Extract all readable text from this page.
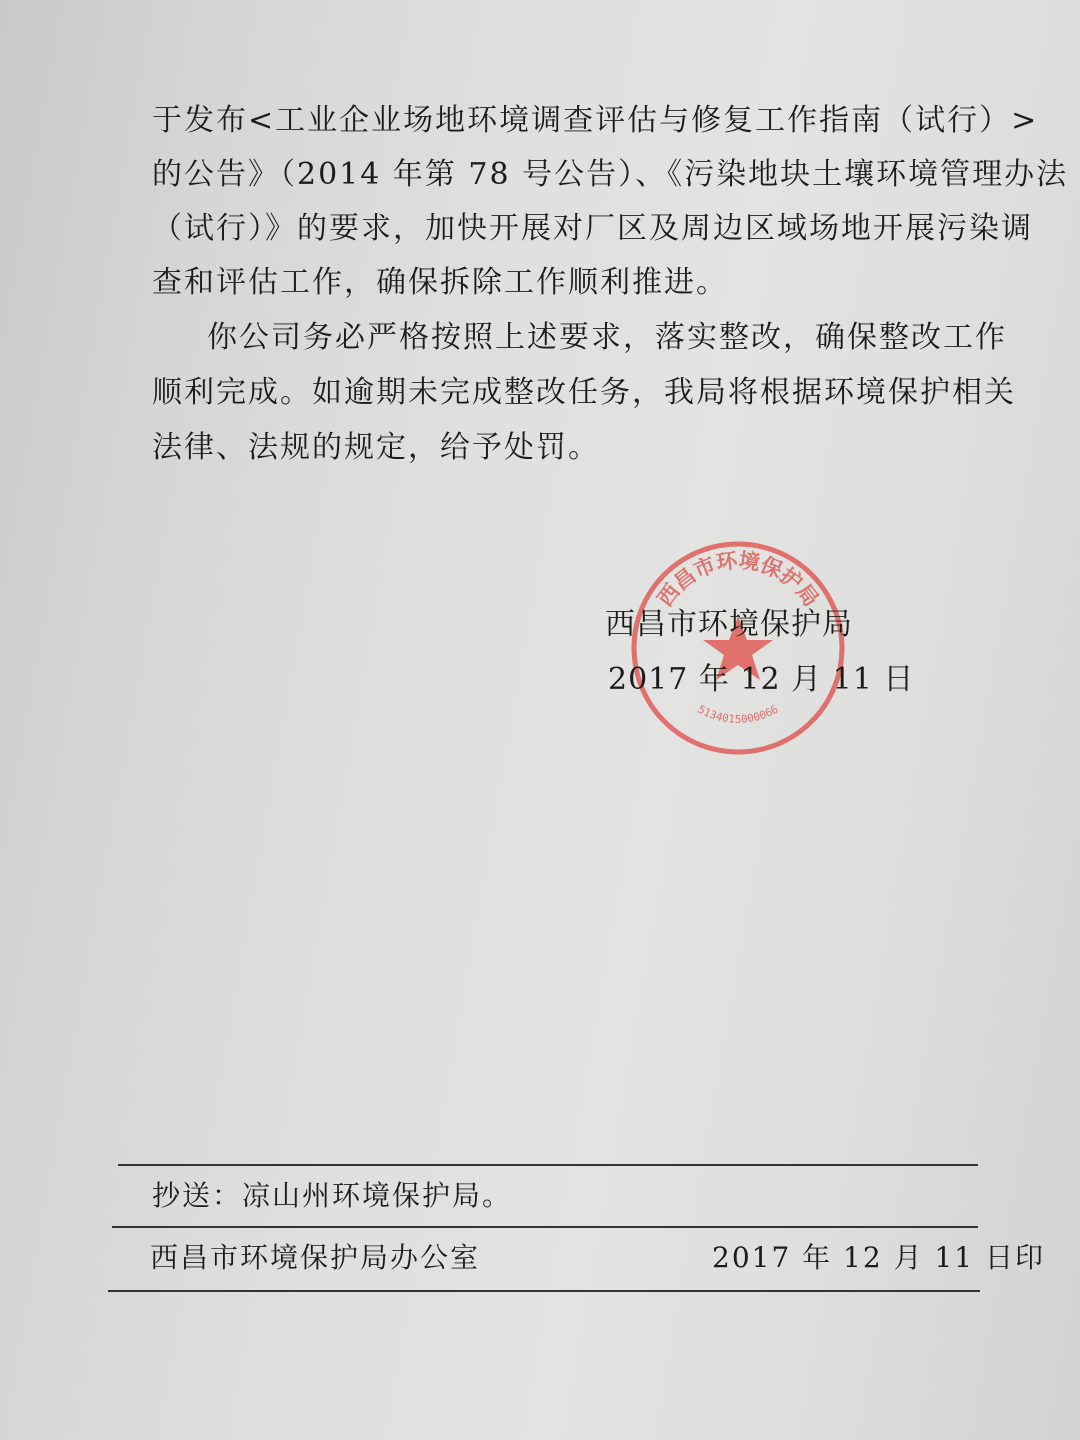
于发布<工业企业场地环境调查评估与修复工作指南（试行）>
的公告》（2014 年第 78 号公告）、《污染地块土壤环境管理办法
（试行）》的要求，加快开展对厂区及周边区域场地开展污染调
查和评估工作，确保拆除工作顺利推进。
你公司务必严格按照上述要求，落实整改，确保整改工作
顺利完成。如逾期未完成整改任务，我局将根据环境保护相关
法律、法规的规定，给予处罚。
西昌市环境保护局
5134015000066
西昌市环境保护局
2017 年 12 月 11 日
抄送：凉山州环境保护局。
西昌市环境保护局办公室	2017 年 12 月 11 日印
